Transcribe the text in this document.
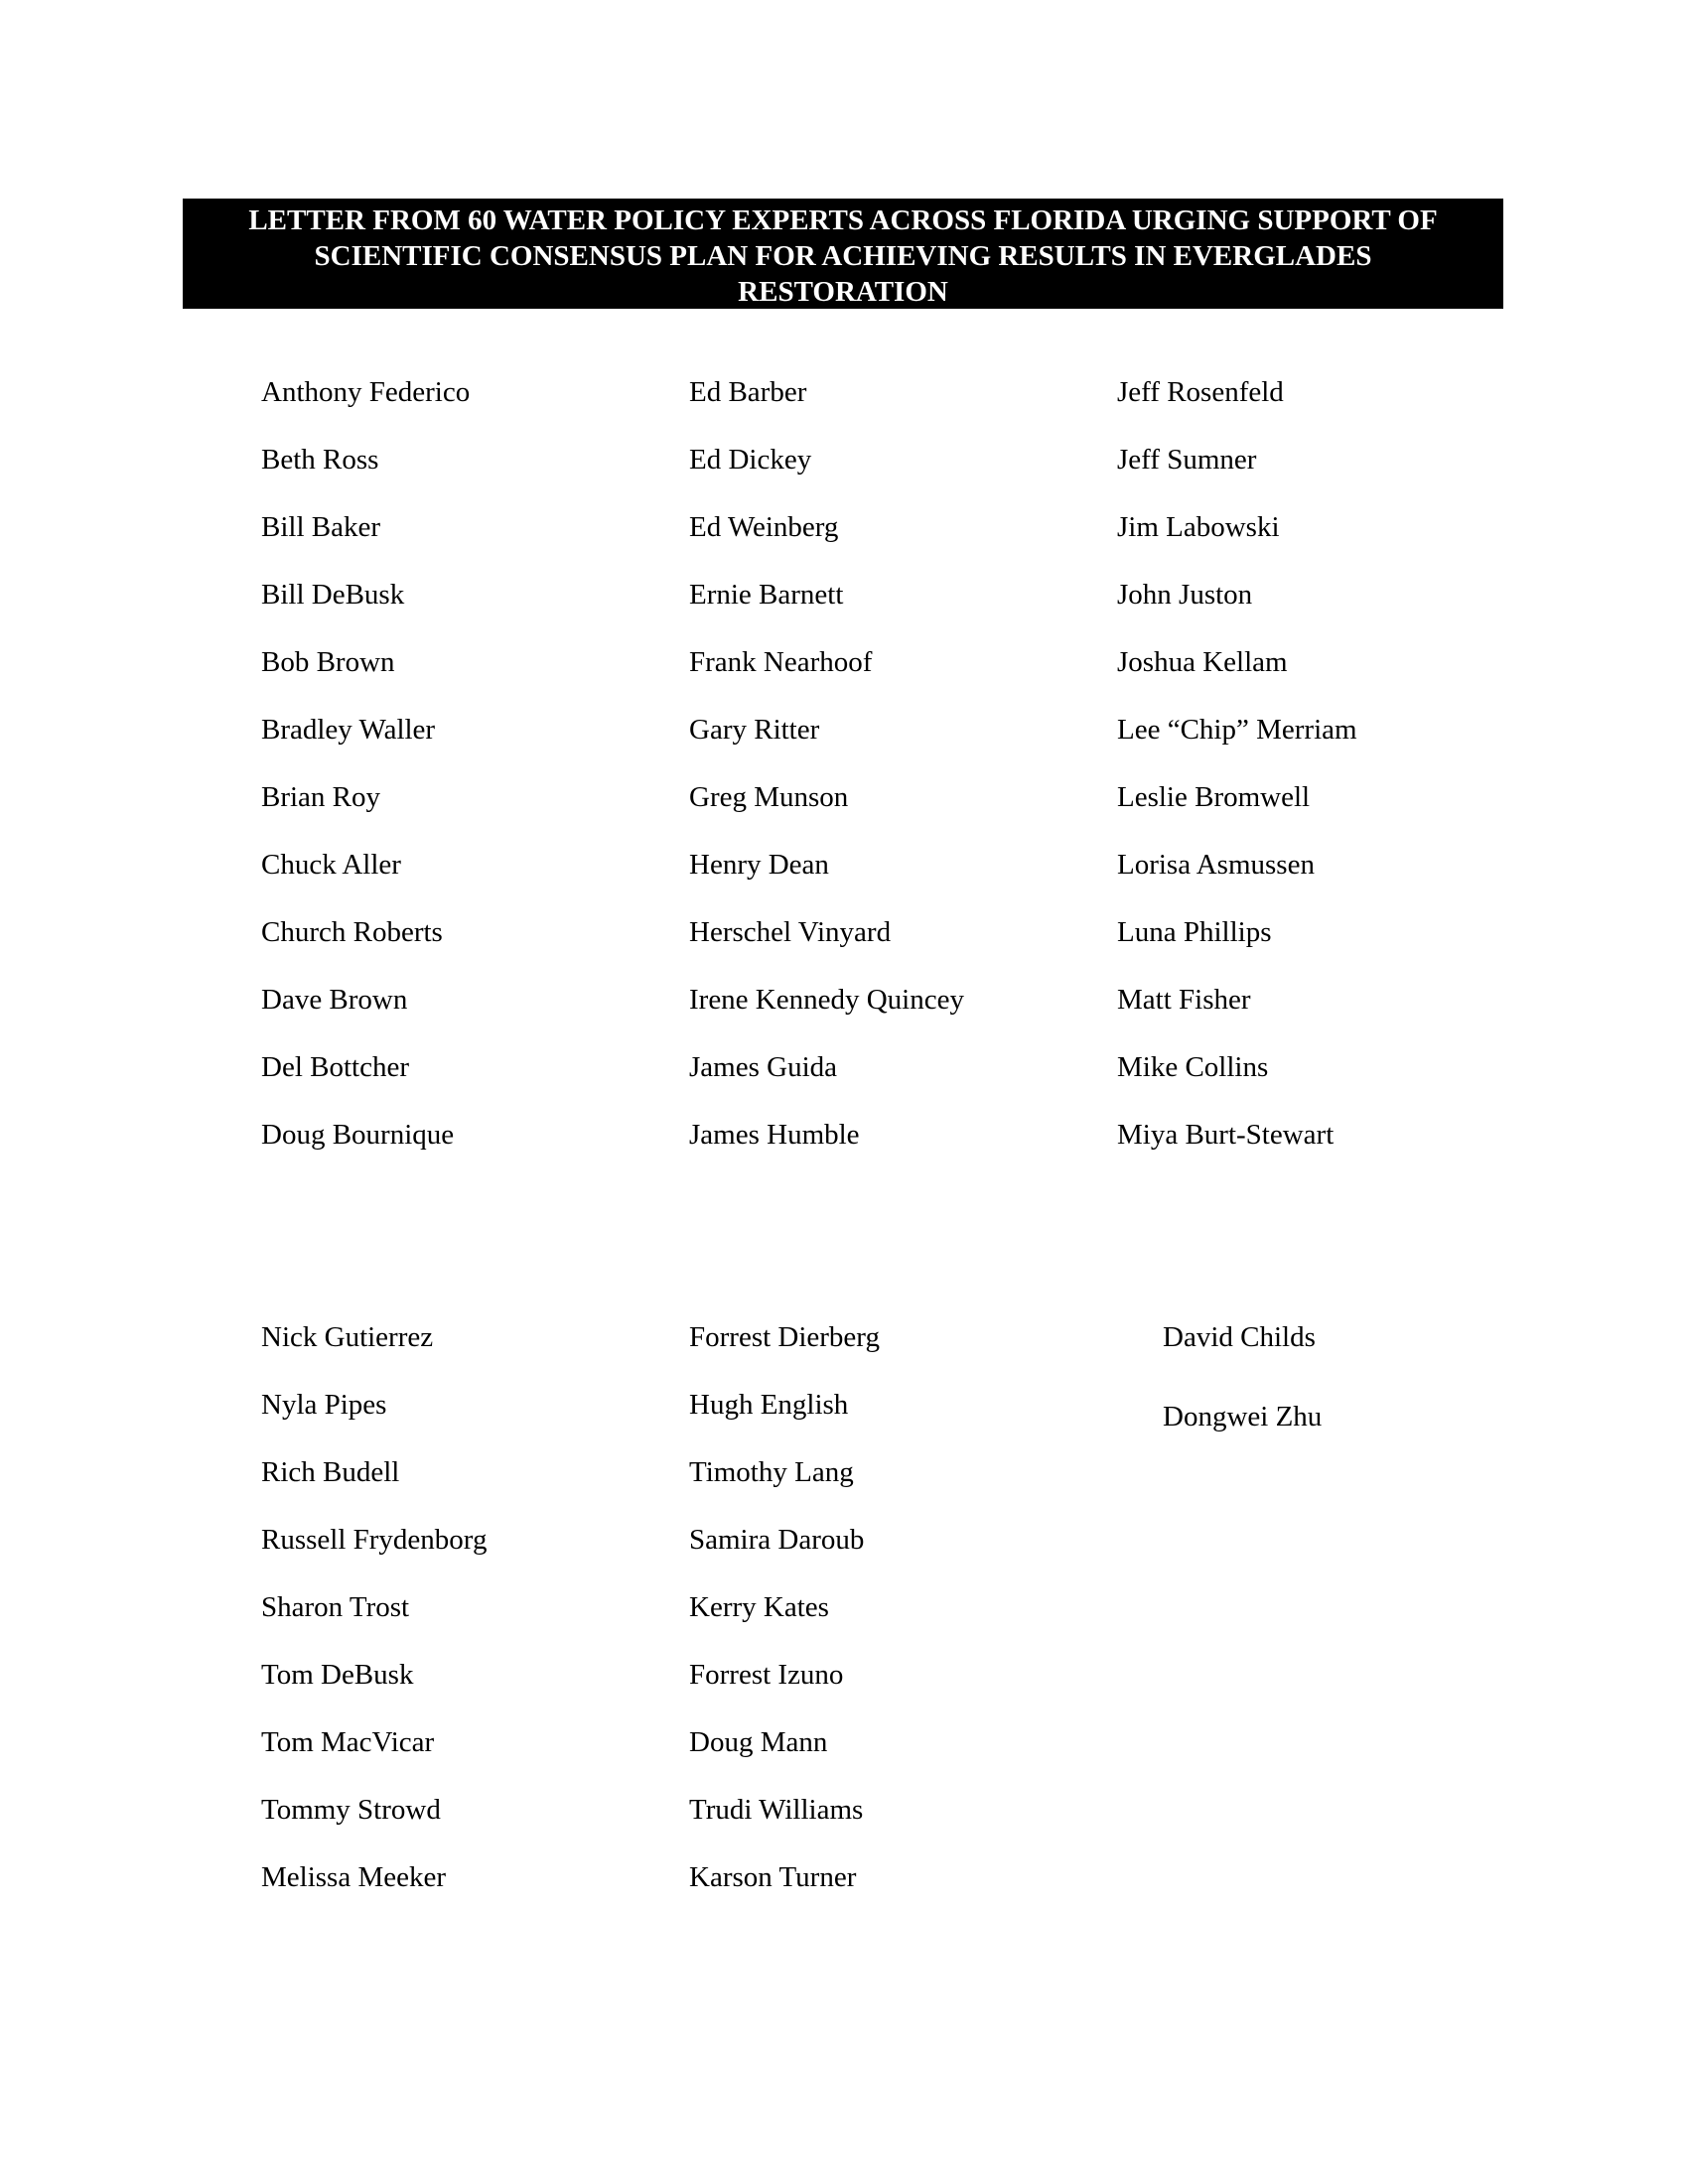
LETTER FROM 60 WATER POLICY EXPERTS ACROSS FLORIDA URGING SUPPORT OF
SCIENTIFIC CONSENSUS PLAN FOR ACHIEVING RESULTS IN EVERGLADES
RESTORATION
Anthony Federico
Beth Ross
Bill Baker
Bill DeBusk
Bob Brown
Bradley Waller
Brian Roy
Chuck Aller
Church Roberts
Dave Brown
Del Bottcher
Doug Bournique
Ed Barber
Ed Dickey
Ed Weinberg
Ernie Barnett
Frank Nearhoof
Gary Ritter
Greg Munson
Henry Dean
Herschel Vinyard
Irene Kennedy Quincey
James Guida
James Humble
Jeff Rosenfeld
Jeff Sumner
Jim Labowski
John Juston
Joshua Kellam
Lee “Chip” Merriam
Leslie Bromwell
Lorisa Asmussen
Luna Phillips
Matt Fisher
Mike Collins
Miya Burt-Stewart
Nick Gutierrez
Nyla Pipes
Rich Budell
Russell Frydenborg
Sharon Trost
Tom DeBusk
Tom MacVicar
Tommy Strowd
Melissa Meeker
Forrest Dierberg
Hugh English
Timothy Lang
Samira Daroub
Kerry Kates
Forrest Izuno
Doug Mann
Trudi Williams
Karson Turner
David Childs
Dongwei Zhu
